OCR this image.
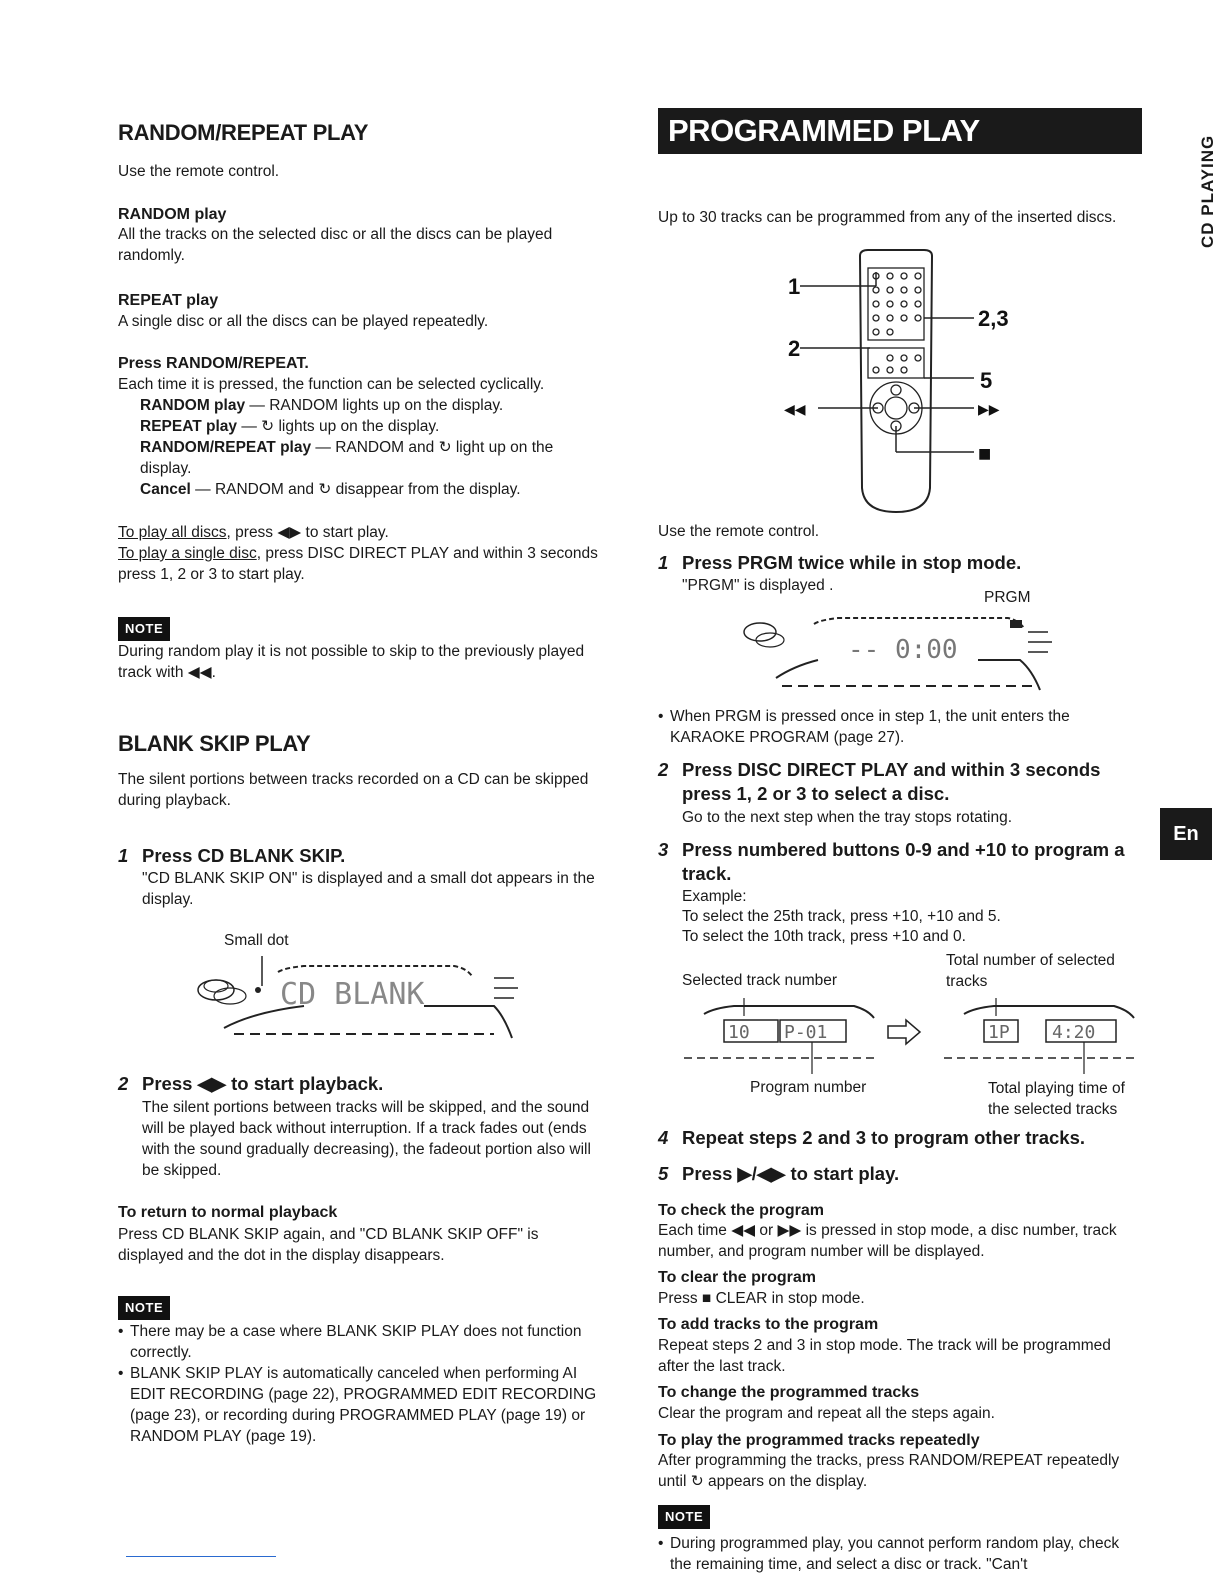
CD PLAYING
En
RANDOM/REPEAT PLAY

Use the remote control.

RANDOM play

All the tracks on the selected disc or all the discs can be played randomly.

REPEAT play

A single disc or all the discs can be played repeatedly.

Press RANDOM/REPEAT.

Each time it is pressed, the function can be selected cyclically.

RANDOM play — RANDOM lights up on the display.

REPEAT play — ↻ lights up on the display.

RANDOM/REPEAT play — RANDOM and ↻ light up on the display.

Cancel — RANDOM and ↻ disappear from the display.

To play all discs, press ◀▶ to start play.

To play a single disc, press DISC DIRECT PLAY and within 3 seconds press 1, 2 or 3 to start play.

NOTE

During random play it is not possible to skip to the previously played track with ◀◀.

BLANK SKIP PLAY

The silent portions between tracks recorded on a CD can be skipped during playback.

1 Press CD BLANK SKIP.

"CD BLANK SKIP ON" is displayed and a small dot appears in the display.

Small dot

CD BLANK
2 Press ◀▶ to start playback.

The silent portions between tracks will be skipped, and the sound will be played back without interruption. If a track fades out (ends with the sound gradually decreasing), the fadeout portion also will be skipped.

To return to normal playback

Press CD BLANK SKIP again, and "CD BLANK SKIP OFF" is displayed and the dot in the display disappears.

NOTE
• There may be a case where BLANK SKIP PLAY does not function correctly.
• BLANK SKIP PLAY is automatically canceled when performing AI EDIT RECORDING (page 22), PROGRAMMED EDIT RECORDING (page 23), or recording during PROGRAMMED PLAY (page 19) or RANDOM PLAY (page 19).
PROGRAMMED PLAY

Up to 30 tracks can be programmed from any of the inserted discs.

1
2
2,3
5
◀◀	▶▶
■

Use the remote control.

1 Press PRGM twice while in stop mode.

"PRGM" is displayed .

PRGM

-- 0:00
• When PRGM is pressed once in step 1, the unit enters the KARAOKE PROGRAM (page 27).
2 Press DISC DIRECT PLAY and within 3 seconds press 1, 2 or 3 to select a disc.

Go to the next step when the tray stops rotating.

3 Press numbered buttons 0-9 and +10 to program a track.

Example:

To select the 25th track, press +10, +10 and 5.

To select the 10th track, press +10 and 0.

Selected track number

Total number of selected tracks

10 P-01	1P 4:20

Program number	Total playing time of the selected tracks

4 Repeat steps 2 and 3 to program other tracks.
5 Press ▶/◀▶ to start play.

To check the program

Each time ◀◀ or ▶▶ is pressed in stop mode, a disc number, track number, and program number will be displayed.

To clear the program

Press ■ CLEAR in stop mode.

To add tracks to the program

Repeat steps 2 and 3 in stop mode. The track will be programmed after the last track.

To change the programmed tracks

Clear the program and repeat all the steps again.

To play the programmed tracks repeatedly

After programming the tracks, press RANDOM/REPEAT repeatedly until ↻ appears on the display.

NOTE
• During programmed play, you cannot perform random play, check the remaining time, and select a disc or track. "Can't
